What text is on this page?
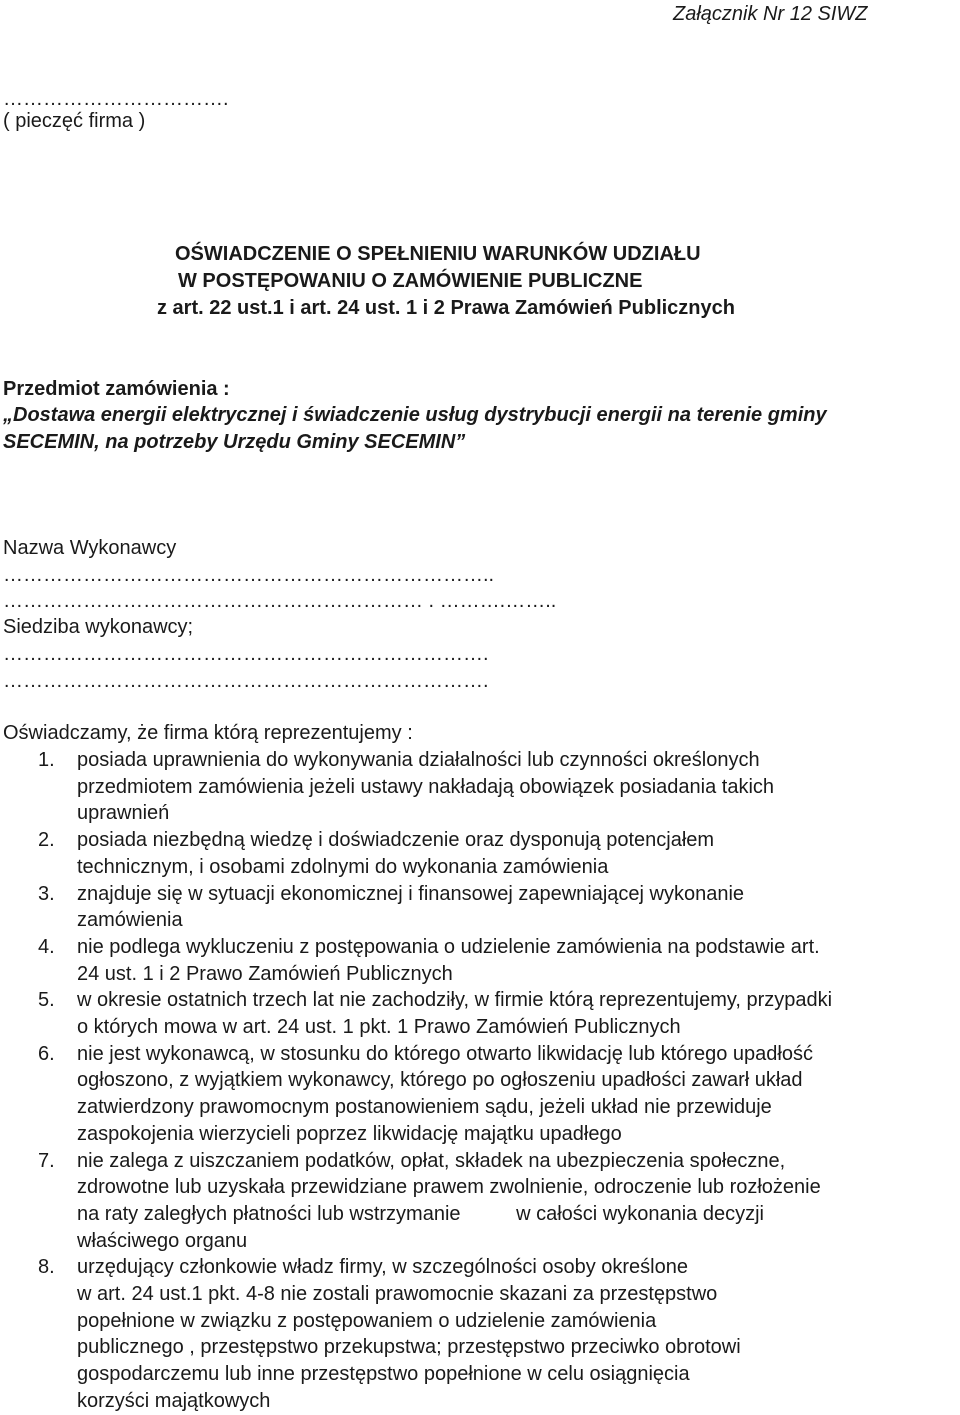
Załącznik Nr 12 SIWZ
…………………………….
( pieczęć firma )
OŚWIADCZENIE O SPEŁNIENIU WARUNKÓW UDZIAŁU
W POSTĘPOWANIU O ZAMÓWIENIE PUBLICZNE
z art. 22 ust.1 i art. 24 ust. 1 i 2 Prawa Zamówień Publicznych
Przedmiot zamówienia :
„Dostawa energii elektrycznej i świadczenie usług dystrybucji energii na terenie gminy
SECEMIN, na potrzeby Urzędu Gminy SECEMIN”
Nazwa Wykonawcy
………………………………………………………………..
……………………………………………………… . ……….……..
Siedziba wykonawcy;
……………………………………………………………….
……………………………………………………………….
Oświadczamy, że firma którą reprezentujemy :
1. posiada uprawnienia do wykonywania działalności lub czynności określonych
przedmiotem zamówienia jeżeli ustawy nakładają obowiązek posiadania takich
uprawnień
2. posiada niezbędną wiedzę i doświadczenie oraz dysponują potencjałem
technicznym, i osobami zdolnymi do wykonania zamówienia
3. znajduje się w sytuacji ekonomicznej i finansowej zapewniającej wykonanie
zamówienia
4. nie podlega wykluczeniu z postępowania o udzielenie zamówienia na podstawie art.
24 ust. 1 i 2 Prawo Zamówień Publicznych
5. w okresie ostatnich trzech lat nie zachodziły, w firmie którą reprezentujemy, przypadki
o których mowa w art. 24 ust. 1 pkt. 1 Prawo Zamówień Publicznych
6. nie jest wykonawcą, w stosunku do którego otwarto likwidację lub którego upadłość
ogłoszono, z wyjątkiem wykonawcy, którego po ogłoszeniu upadłości zawarł układ
zatwierdzony prawomocnym postanowieniem sądu, jeżeli układ nie przewiduje
zaspokojenia wierzycieli poprzez likwidację majątku upadłego
7. nie zalega z uiszczaniem podatków, opłat, składek na ubezpieczenia społeczne,
zdrowotne lub uzyskała przewidziane prawem zwolnienie, odroczenie lub rozłożenie
na raty zaległych płatności lub wstrzymanie          w całości wykonania decyzji
właściwego organu
8. urzędujący członkowie władz firmy, w szczególności osoby określone
w art. 24 ust.1 pkt. 4-8 nie zostali prawomocnie skazani za przestępstwo
popełnione w związku z postępowaniem o udzielenie zamówienia
publicznego , przestępstwo przekupstwa; przestępstwo przeciwko obrotowi
gospodarczemu lub inne przestępstwo popełnione w celu osiągnięcia
korzyści majątkowych
